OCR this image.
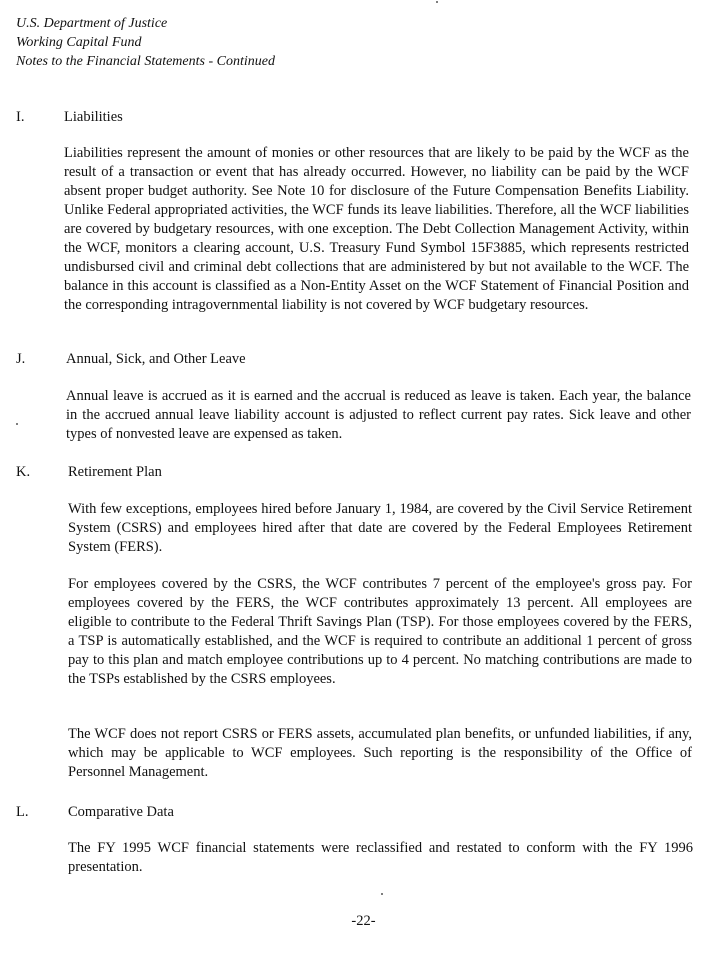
U.S. Department of Justice
Working Capital Fund
Notes to the Financial Statements - Continued
I.	Liabilities
Liabilities represent the amount of monies or other resources that are likely to be paid by the WCF as the result of a transaction or event that has already occurred. However, no liability can be paid by the WCF absent proper budget authority. See Note 10 for disclosure of the Future Compensation Benefits Liability. Unlike Federal appropriated activities, the WCF funds its leave liabilities. Therefore, all the WCF liabilities are covered by budgetary resources, with one exception. The Debt Collection Management Activity, within the WCF, monitors a clearing account, U.S. Treasury Fund Symbol 15F3885, which represents restricted undisbursed civil and criminal debt collections that are administered by but not available to the WCF. The balance in this account is classified as a Non-Entity Asset on the WCF Statement of Financial Position and the corresponding intragovernmental liability is not covered by WCF budgetary resources.
J.	Annual, Sick, and Other Leave
Annual leave is accrued as it is earned and the accrual is reduced as leave is taken. Each year, the balance in the accrued annual leave liability account is adjusted to reflect current pay rates. Sick leave and other types of nonvested leave are expensed as taken.
K.	Retirement Plan
With few exceptions, employees hired before January 1, 1984, are covered by the Civil Service Retirement System (CSRS) and employees hired after that date are covered by the Federal Employees Retirement System (FERS).
For employees covered by the CSRS, the WCF contributes 7 percent of the employee's gross pay. For employees covered by the FERS, the WCF contributes approximately 13 percent. All employees are eligible to contribute to the Federal Thrift Savings Plan (TSP). For those employees covered by the FERS, a TSP is automatically established, and the WCF is required to contribute an additional 1 percent of gross pay to this plan and match employee contributions up to 4 percent. No matching contributions are made to the TSPs established by the CSRS employees.
The WCF does not report CSRS or FERS assets, accumulated plan benefits, or unfunded liabilities, if any, which may be applicable to WCF employees. Such reporting is the responsibility of the Office of Personnel Management.
L.	Comparative Data
The FY 1995 WCF financial statements were reclassified and restated to conform with the FY 1996 presentation.
-22-
